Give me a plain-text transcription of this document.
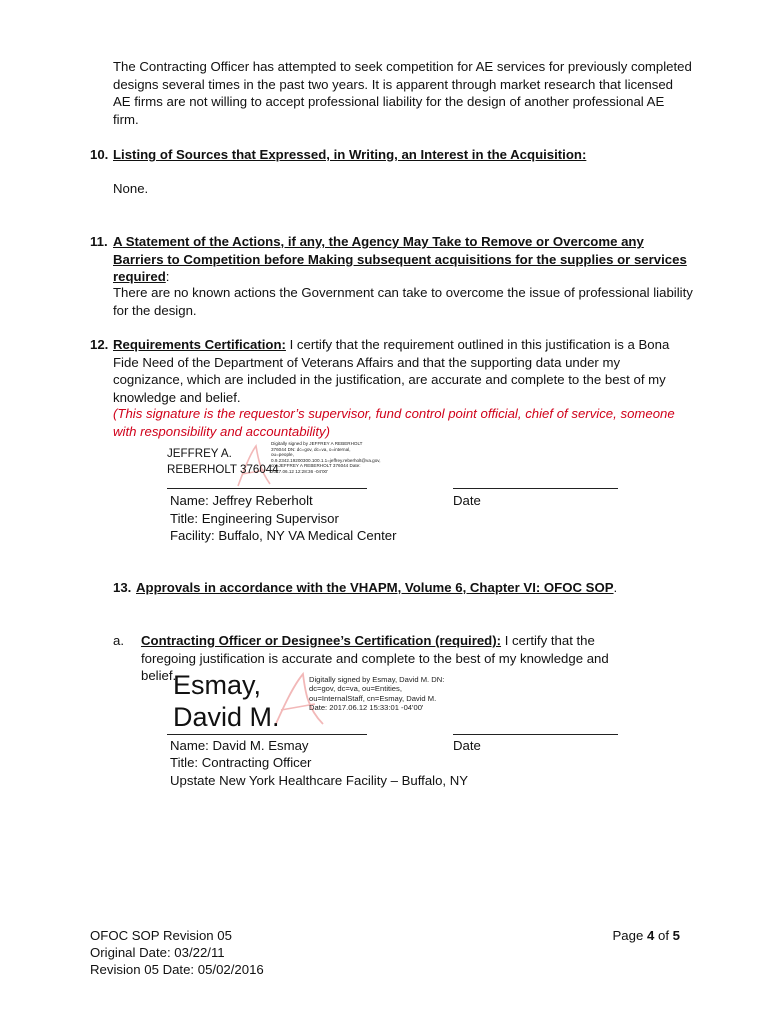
The Contracting Officer has attempted to seek competition for AE services for previously completed designs several times in the past two years. It is apparent through market research that licensed AE firms are not willing to accept professional liability for the design of another professional AE firm.
10. Listing of Sources that Expressed, in Writing, an Interest in the Acquisition:
None.
11. A Statement of the Actions, if any, the Agency May Take to Remove or Overcome any Barriers to Competition before Making subsequent acquisitions for the supplies or services required:
There are no known actions the Government can take to overcome the issue of professional liability for the design.
12. Requirements Certification: I certify that the requirement outlined in this justification is a Bona Fide Need of the Department of Veterans Affairs and that the supporting data under my cognizance, which are included in the justification, are accurate and complete to the best of my knowledge and belief.
(This signature is the requestor’s supervisor, fund control point official, chief of service, someone with responsibility and accountability)
JEFFREY A.
REBERHOLT 376044
Digitally signed by JEFFREY A REBERHOLT 376044 DN: dc=gov, dc=va, o=internal, ou=people, 0.9.2342.19200300.100.1.1=jeffrey.reberholt@va.gov, cn=JEFFREY A REBERHOLT 376044 Date: 2017.06.12 12:28:36 -04'00'
Name: Jeffrey Reberholt	Date
Title: Engineering Supervisor
Facility: Buffalo, NY VA Medical Center
13. Approvals in accordance with the VHAPM, Volume 6, Chapter VI: OFOC SOP.
a. Contracting Officer or Designee’s Certification (required): I certify that the foregoing justification is accurate and complete to the best of my knowledge and belief.
Esmay,
David M.
Digitally signed by Esmay, David M. DN: dc=gov, dc=va, ou=Entities, ou=InternalStaff, cn=Esmay, David M. Date: 2017.06.12 15:33:01 -04'00'
Name: David M. Esmay	Date
Title: Contracting Officer
Upstate New York Healthcare Facility – Buffalo, NY
OFOC SOP Revision 05
Original Date: 03/22/11
Revision 05 Date: 05/02/2016
Page 4 of 5
